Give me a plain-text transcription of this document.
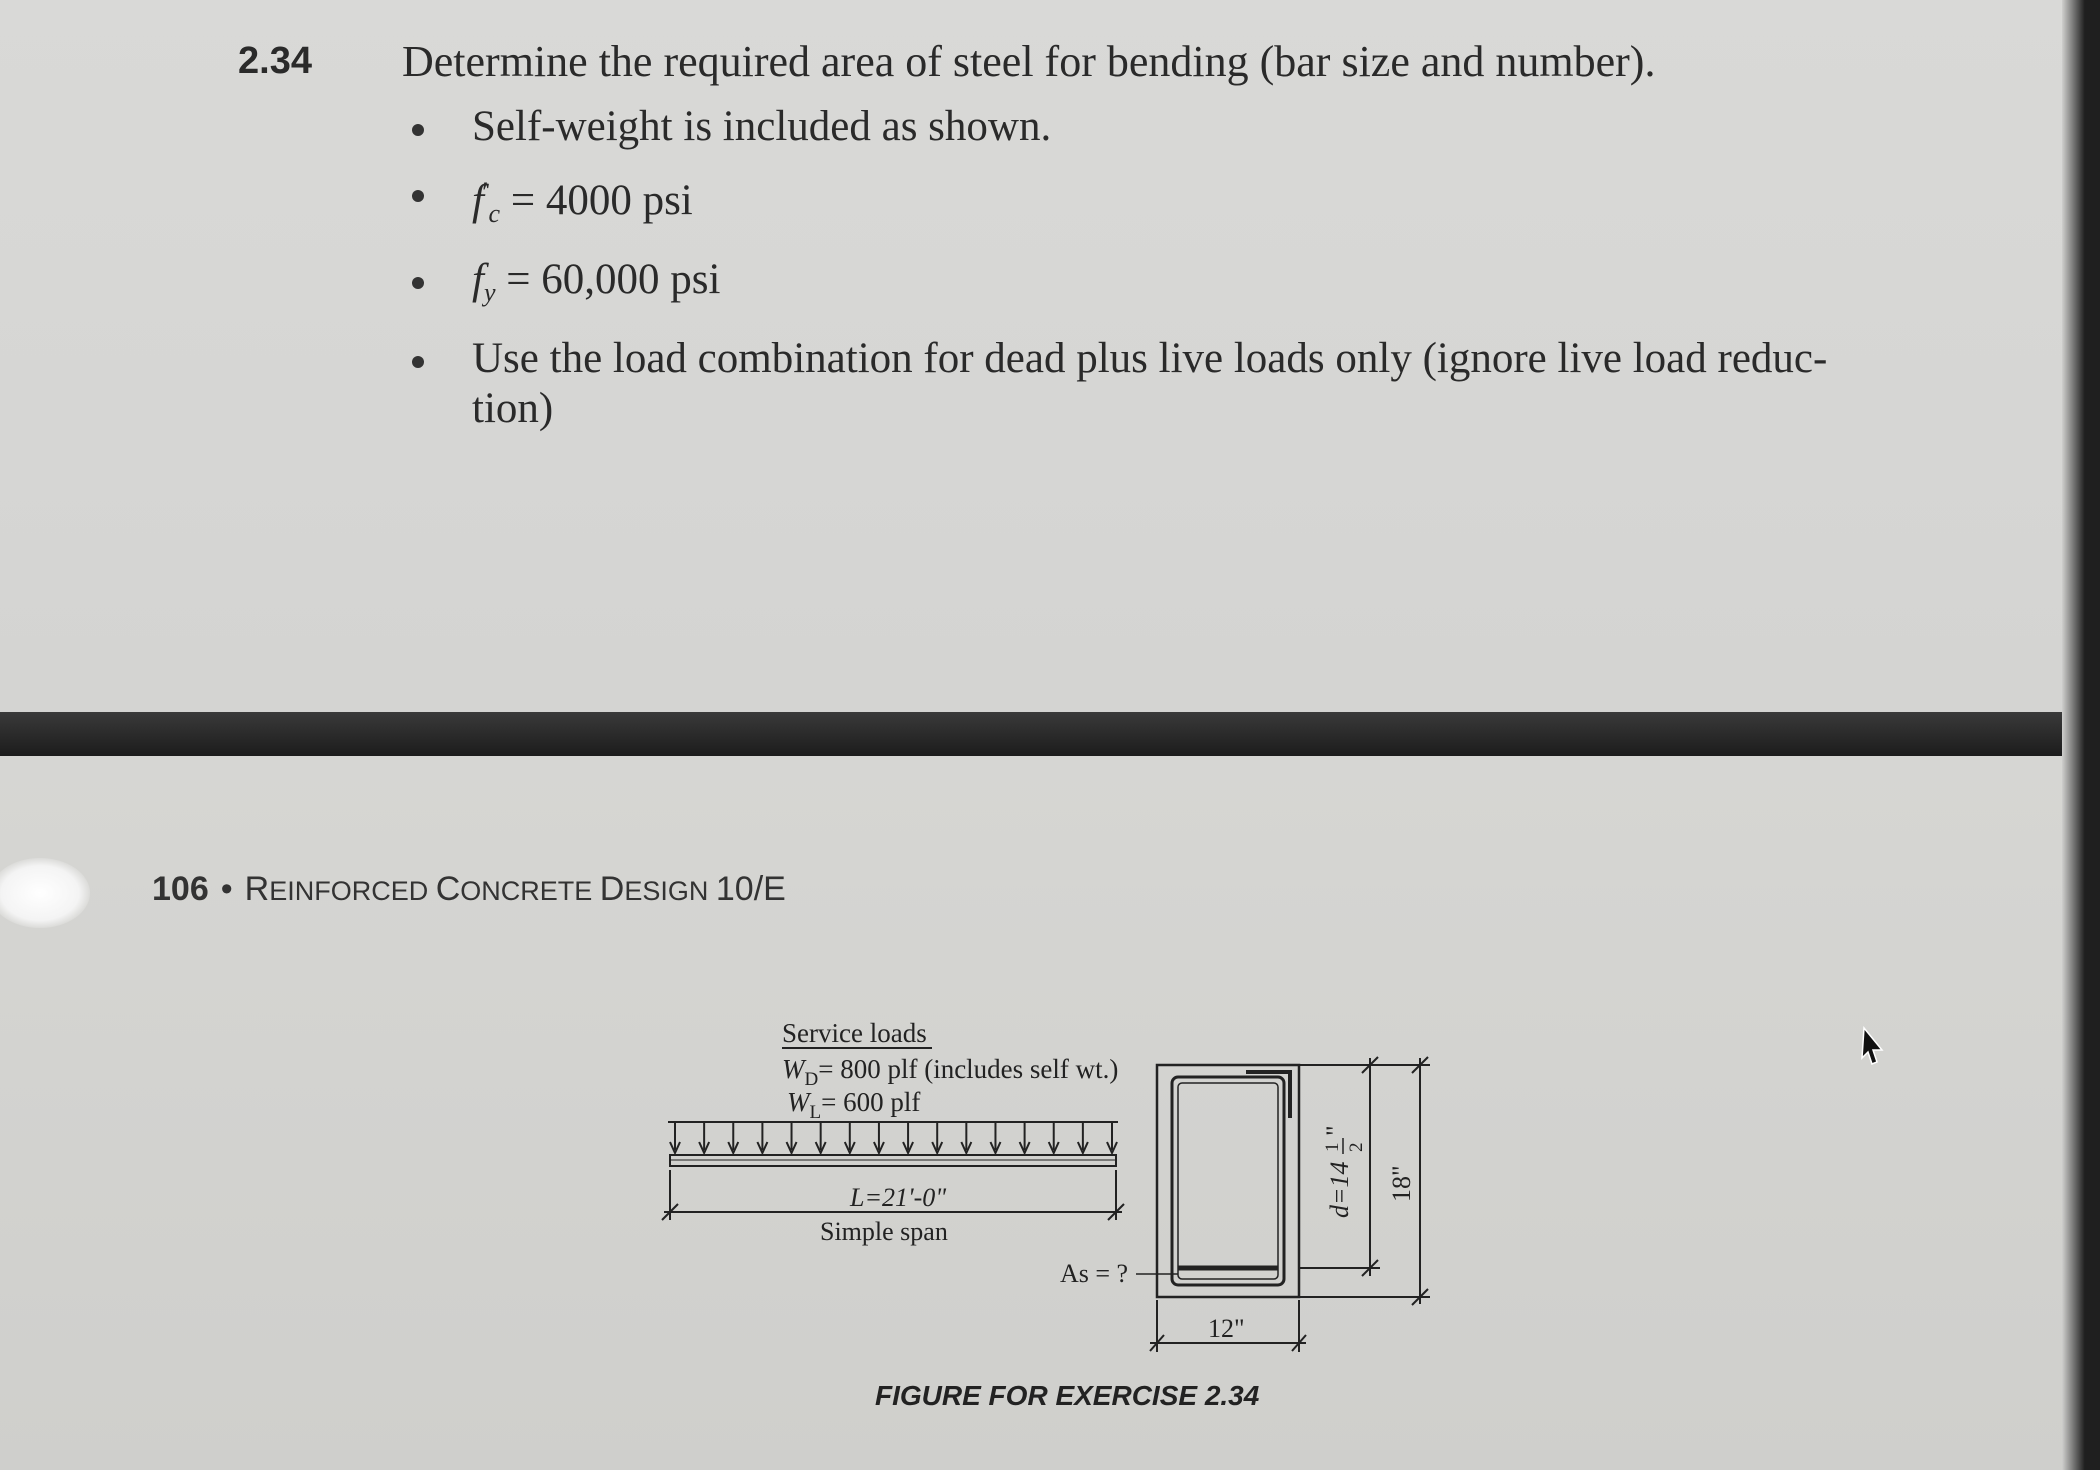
2.34 Determine the required area of steel for bending (bar size and number).
Self-weight is included as shown.
$f'_c = 4000$ psi
$f_y = 60,000$ psi
Use the load combination for dead plus live loads only (ignore live load reduc-
tion)
106 • REINFORCED CONCRETE DESIGN 10/E
Service loads
$W_D= 800$ plf (includes self wt.)
$W_L= 600$ plf
L=21'-0"
Simple span
As = ?
12"
d=14
1 2
"
18"
FIGURE FOR EXERCISE 2.34
